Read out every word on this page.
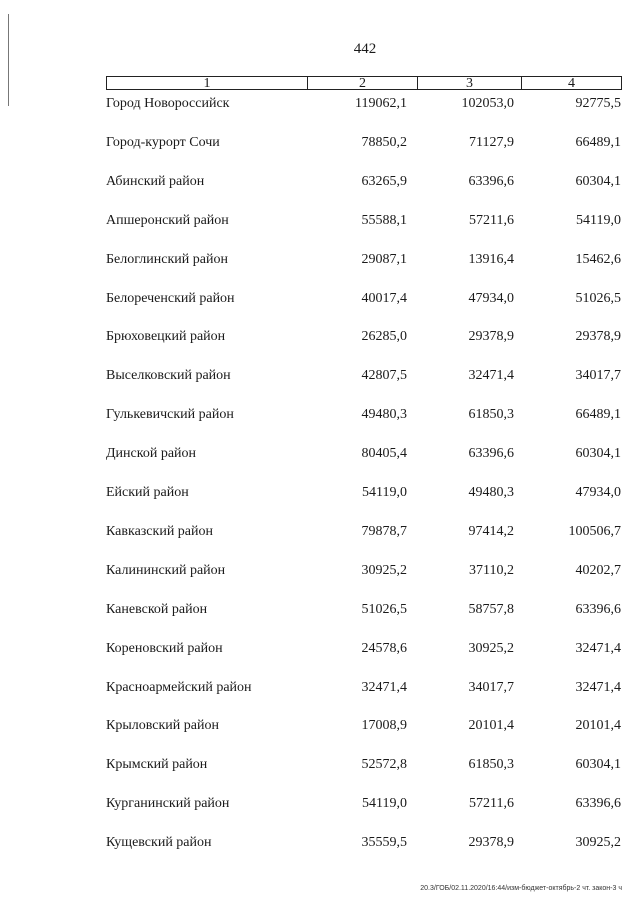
442
1	2	3	4
Город Новороссийск	119062,1	102053,0	92775,5
Город-курорт Сочи	78850,2	71127,9	66489,1
Абинский район	63265,9	63396,6	60304,1
Апшеронский район	55588,1	57211,6	54119,0
Белоглинский район	29087,1	13916,4	15462,6
Белореченский район	40017,4	47934,0	51026,5
Брюховецкий район	26285,0	29378,9	29378,9
Выселковский район	42807,5	32471,4	34017,7
Гулькевичский район	49480,3	61850,3	66489,1
Динской район	80405,4	63396,6	60304,1
Ейский район	54119,0	49480,3	47934,0
Кавказский район	79878,7	97414,2	100506,7
Калининский район	30925,2	37110,2	40202,7
Каневской район	51026,5	58757,8	63396,6
Кореновский район	24578,6	30925,2	32471,4
Красноармейский район	32471,4	34017,7	32471,4
Крыловский район	17008,9	20101,4	20101,4
Крымский район	52572,8	61850,3	60304,1
Курганинский район	54119,0	57211,6	63396,6
Кущевский район	35559,5	29378,9	30925,2
20.3/ГОБ/02.11.2020/16:44/изм-бюджет-октябрь-2 чт. закон-3 ч
